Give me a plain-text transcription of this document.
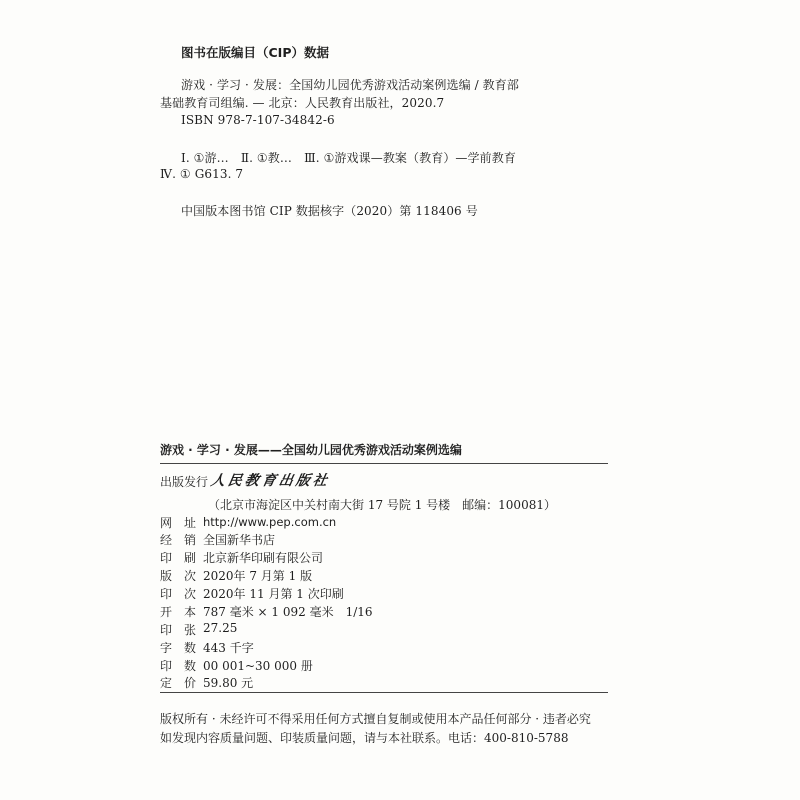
图书在版编目（CIP）数据
游戏 · 学习 · 发展：全国幼儿园优秀游戏活动案例选编 / 教育部
基础教育司组编. — 北京：人民教育出版社，2020.7
ISBN 978-7-107-34842-6
Ⅰ. ①游…　Ⅱ. ①教…　Ⅲ. ①游戏课—教案（教育）—学前教育
Ⅳ. ① G613. 7
中国版本图书馆 CIP 数据核字（2020）第 118406 号
游戏 · 学习 · 发展——全国幼儿园优秀游戏活动案例选编
出版发行 人民教育出版社
（北京市海淀区中关村南大街 17 号院 1 号楼　邮编：100081）
网　址 http://www.pep.com.cn
经　销 全国新华书店
印　刷 北京新华印刷有限公司
版　次 2020年 7 月第 1 版
印　次 2020年 11 月第 1 次印刷
开　本 787 毫米 × 1 092 毫米　1/16
印　张 27.25
字　数 443 千字
印　数 00 001~30 000 册
定　价 59.80 元
版权所有 · 未经许可不得采用任何方式擅自复制或使用本产品任何部分 · 违者必究
如发现内容质量问题、印装质量问题，请与本社联系。电话：400-810-5788
